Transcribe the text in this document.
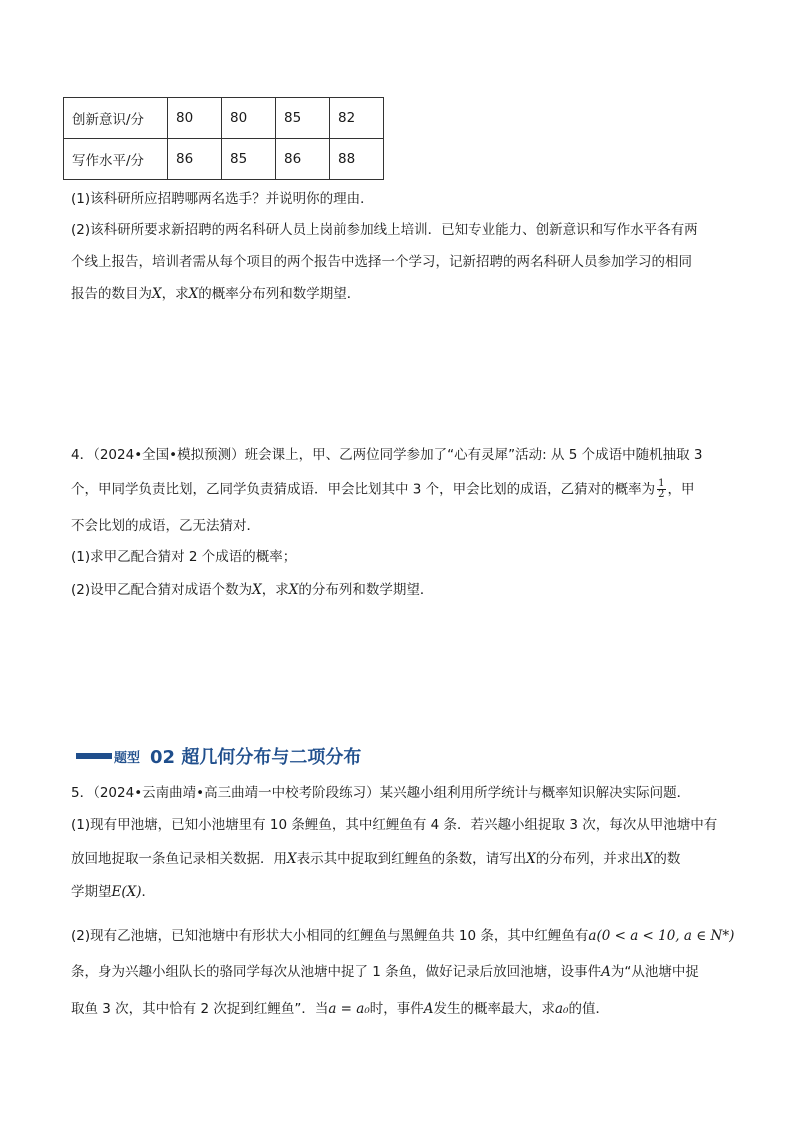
创新意识/分	80	80	85	82
写作水平/分	86	85	86	88
(1)该科研所应招聘哪两名选手？并说明你的理由．
(2)该科研所要求新招聘的两名科研人员上岗前参加线上培训．已知专业能力、创新意识和写作水平各有两
个线上报告，培训者需从每个项目的两个报告中选择一个学习，记新招聘的两名科研人员参加学习的相同
报告的数目为X，求X的概率分布列和数学期望．
4．（2024•全国•模拟预测）班会课上，甲、乙两位同学参加了“心有灵犀”活动: 从 5 个成语中随机抽取 3
个，甲同学负责比划，乙同学负责猜成语．甲会比划其中 3 个，甲会比划的成语，乙猜对的概率为 $\frac{1}{2}$ ，甲
不会比划的成语，乙无法猜对．
(1)求甲乙配合猜对 2 个成语的概率；
(2)设甲乙配合猜对成语个数为X，求X的分布列和数学期望．
题型 02 超几何分布与二项分布
5．（2024•云南曲靖•高三曲靖一中校考阶段练习）某兴趣小组利用所学统计与概率知识解决实际问题．
(1)现有甲池塘，已知小池塘里有 10 条鲤鱼，其中红鲤鱼有 4 条．若兴趣小组捉取 3 次，每次从甲池塘中有
放回地捉取一条鱼记录相关数据．用X表示其中捉取到红鲤鱼的条数，请写出X的分布列，并求出X的数
学期望E(X)．
(2)现有乙池塘，已知池塘中有形状大小相同的红鲤鱼与黑鲤鱼共 10 条，其中红鲤鱼有a(0 < a < 10, a ∈ N*)
条，身为兴趣小组队长的骆同学每次从池塘中捉了 1 条鱼，做好记录后放回池塘，设事件A为“从池塘中捉
取鱼 3 次，其中恰有 2 次捉到红鲤鱼”．当a = a₀时，事件A发生的概率最大，求a₀的值．
